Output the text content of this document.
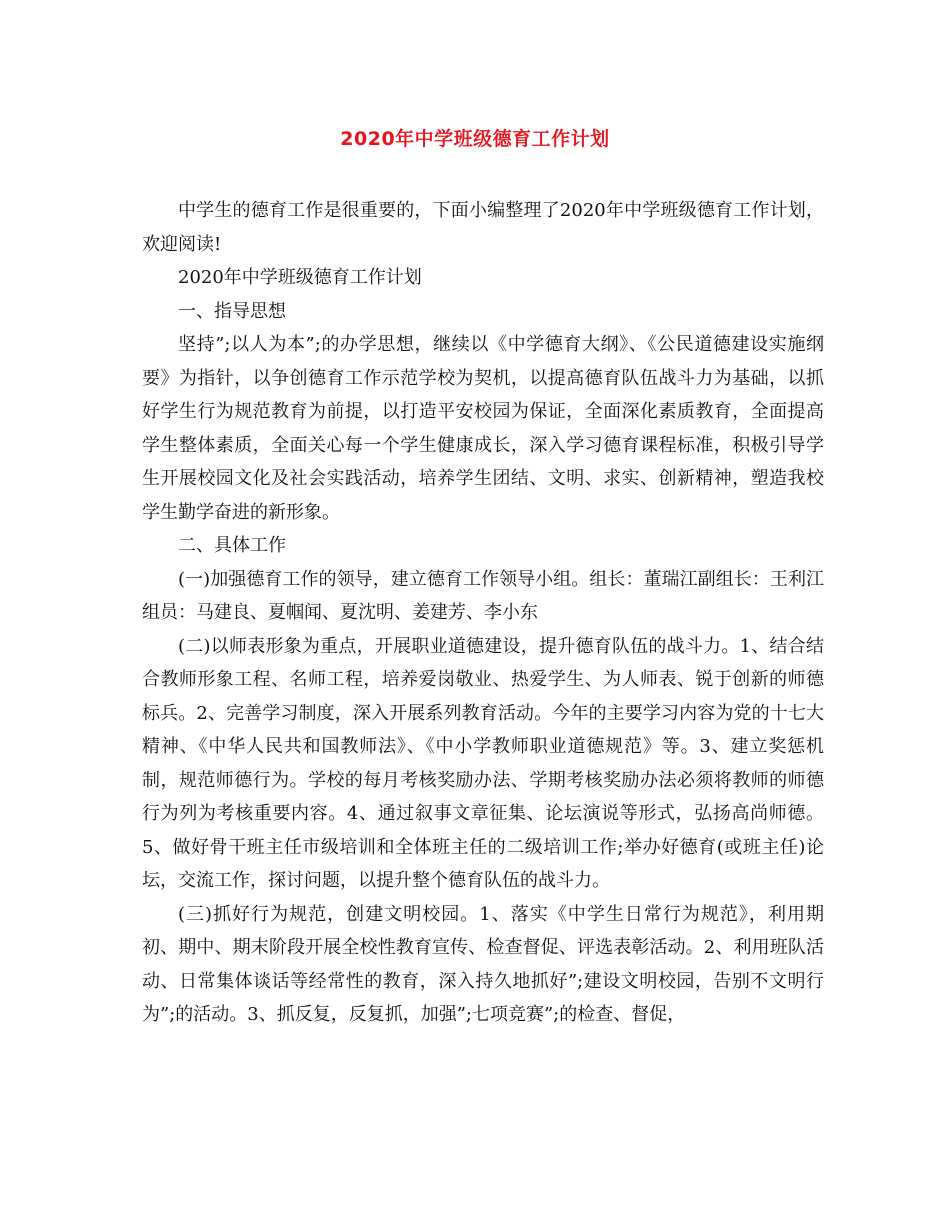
2020年中学班级德育工作计划

中学生的德育工作是很重要的，下面小编整理了2020年中学班级德育工作计划，欢迎阅读!

2020年中学班级德育工作计划

一、指导思想

坚持”;以人为本”;的办学思想，继续以《中学德育大纲》、《公民道德建设实施纲要》为指针，以争创德育工作示范学校为契机，以提高德育队伍战斗力为基础，以抓好学生行为规范教育为前提，以打造平安校园为保证，全面深化素质教育，全面提高学生整体素质，全面关心每一个学生健康成长，深入学习德育课程标准，积极引导学生开展校园文化及社会实践活动，培养学生团结、文明、求实、创新精神，塑造我校学生勤学奋进的新形象。

二、具体工作

(一)加强德育工作的领导，建立德育工作领导小组。组长：董瑞江副组长：王利江组员：马建良、夏帼闻、夏沈明、姜建芳、李小东

(二)以师表形象为重点，开展职业道德建设，提升德育队伍的战斗力。1、结合结合教师形象工程、名师工程，培养爱岗敬业、热爱学生、为人师表、锐于创新的师德标兵。2、完善学习制度，深入开展系列教育活动。今年的主要学习内容为党的十七大精神、《中华人民共和国教师法》、《中小学教师职业道德规范》等。3、建立奖惩机制，规范师德行为。学校的每月考核奖励办法、学期考核奖励办法必须将教师的师德行为列为考核重要内容。4、通过叙事文章征集、论坛演说等形式，弘扬高尚师德。5、做好骨干班主任市级培训和全体班主任的二级培训工作;举办好德育(或班主任)论坛，交流工作，探讨问题，以提升整个德育队伍的战斗力。

(三)抓好行为规范，创建文明校园。1、落实《中学生日常行为规范》，利用期初、期中、期末阶段开展全校性教育宣传、检查督促、评选表彰活动。2、利用班队活动、日常集体谈话等经常性的教育，深入持久地抓好”;建设文明校园，告别不文明行为”;的活动。3、抓反复，反复抓，加强”;七项竞赛”;的检查、督促，
